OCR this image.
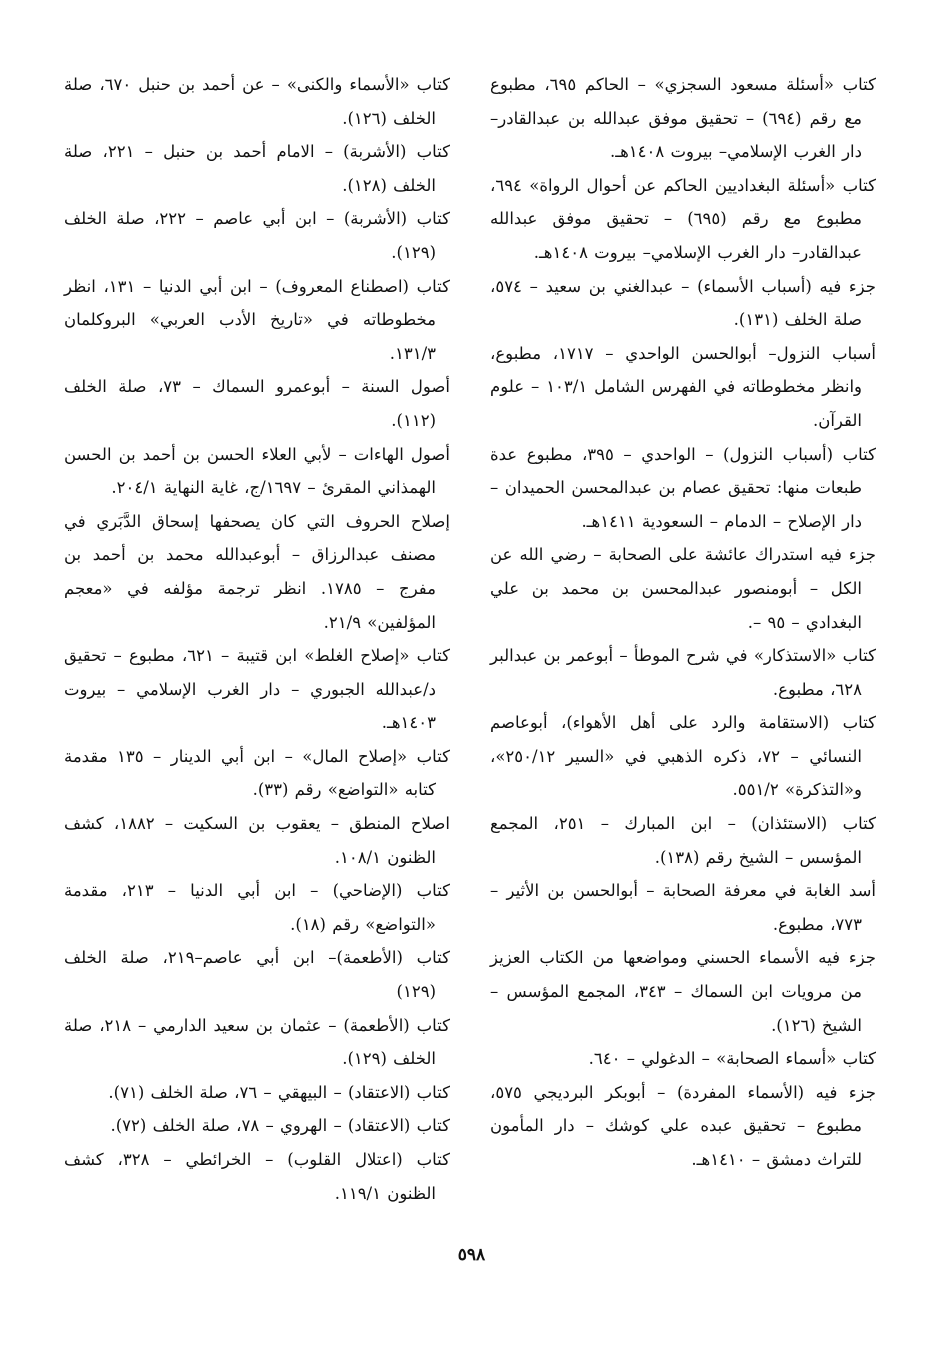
كتاب «أسئلة مسعود السجزي» – الحاكم ٦٩٥، مطبوع مع رقم (٦٩٤) – تحقيق موفق عبدالله بن عبدالقادر– دار الغرب الإسلامي– بيروت ١٤٠٨هـ.

كتاب «أسئلة البغداديين الحاكم عن أحوال الرواة» ٦٩٤، مطبوع مع رقم (٦٩٥) – تحقيق موفق عبدالله عبدالقادر– دار الغرب الإسلامي– بيروت ١٤٠٨هـ.

جزء فيه (أسباب الأسماء) – عبدالغني بن سعيد – ٥٧٤، صلة الخلف (١٣١).

أسباب النزول– أبوالحسن الواحدي – ١٧١٧، مطبوع، وانظر مخطوطاته في الفهرس الشامل ١٠٣/١ – علوم القرآن.

كتاب (أسباب النزول) – الواحدي – ٣٩٥، مطبوع عدة طبعات منها: تحقيق عصام بن عبدالمحسن الحميدان – دار الإصلاح – الدمام – السعودية ١٤١١هـ.

جزء فيه استدراك عائشة على الصحابة – رضي الله عن الكل – أبومنصور عبدالمحسن بن محمد بن علي البغدادي – ٩٥ –.

كتاب «الاستذكار» في شرح الموطأ – أبوعمر بن عبدالبر ٦٢٨، مطبوع.

كتاب (الاستقامة والرد على أهل الأهواء)، أبوعاصم النسائي – ٧٢، ذكره الذهبي في «السير ٢٥٠/١٢»، و«التذكرة» ٥٥١/٢.

كتاب (الاستئذان) – ابن المبارك – ٢٥١، المجمع المؤسس – الشيخ رقم (١٣٨).

أسد الغابة في معرفة الصحابة – أبوالحسن بن الأثير – ٧٧٣، مطبوع.

جزء فيه الأسماء الحسني ومواضعها من الكتاب العزيز من مرويات ابن السماك – ٣٤٣، المجمع المؤسس – الشيخ (١٢٦).

كتاب «أسماء الصحابة» – الدغولي – ٦٤٠.

جزء فيه (الأسماء المفردة) – أبوبكر البرديجي ٥٧٥، مطبوع – تحقيق عبده علي كوشك – دار المأمون للتراث دمشق – ١٤١٠هـ.

كتاب «الأسماء والكنى» – عن أحمد بن حنبل ٦٧٠، صلة الخلف (١٢٦).

كتاب (الأشربة) – الامام أحمد بن حنبل – ٢٢١، صلة الخلف (١٢٨).

كتاب (الأشربة) – ابن أبي عاصم – ٢٢٢، صلة الخلف (١٢٩).

كتاب (اصطناع المعروف) – ابن أبي الدنيا – ١٣١، انظر مخطوطاته في «تاريخ الأدب العربي» البروكلمان ١٣١/٣.

أصول السنة – أبوعمرو السماك – ٧٣، صلة الخلف (١١٢).

أصول الهاءات – لأبي العلاء الحسن بن أحمد بن الحسن الهمذاني المقرئ – ١٦٩٧/ج، غاية النهاية ٢٠٤/١.

إصلاح الحروف التي كان يصحفها إسحاق الدَّبَري في مصنف عبدالرزاق – أبوعبدالله محمد بن أحمد بن مفرج – ١٧٨٥. انظر ترجمة مؤلفه في «معجم المؤلفين» ٢١/٩.

كتاب «إصلاح الغلط» ابن قتيبة – ٦٢١، مطبوع – تحقيق د/عبدالله الجبوري – دار الغرب الإسلامي – بيروت ١٤٠٣هـ.

كتاب «إصلاح المال» – ابن أبي الدينار – ١٣٥ مقدمة كتابه «التواضع» رقم (٣٣).

اصلاح المنطق – يعقوب بن السكيت – ١٨٨٢، كشف الظنون ١٠٨/١.

كتاب (الإضاحي) – ابن أبي الدنيا – ٢١٣، مقدمة «التواضع» رقم (١٨).

كتاب (الأطعمة)– ابن أبي عاصم–٢١٩، صلة الخلف (١٢٩)

كتاب (الأطعمة) – عثمان بن سعيد الدارمي – ٢١٨، صلة الخلف (١٢٩).

كتاب (الاعتقاد) – البيهقي – ٧٦، صلة الخلف (٧١).

كتاب (الاعتقاد) – الهروي – ٧٨، صلة الخلف (٧٢).

كتاب (اعتلال القلوب) – الخرائطي – ٣٢٨، كشف الظنون ١١٩/١.

٥٩٨
